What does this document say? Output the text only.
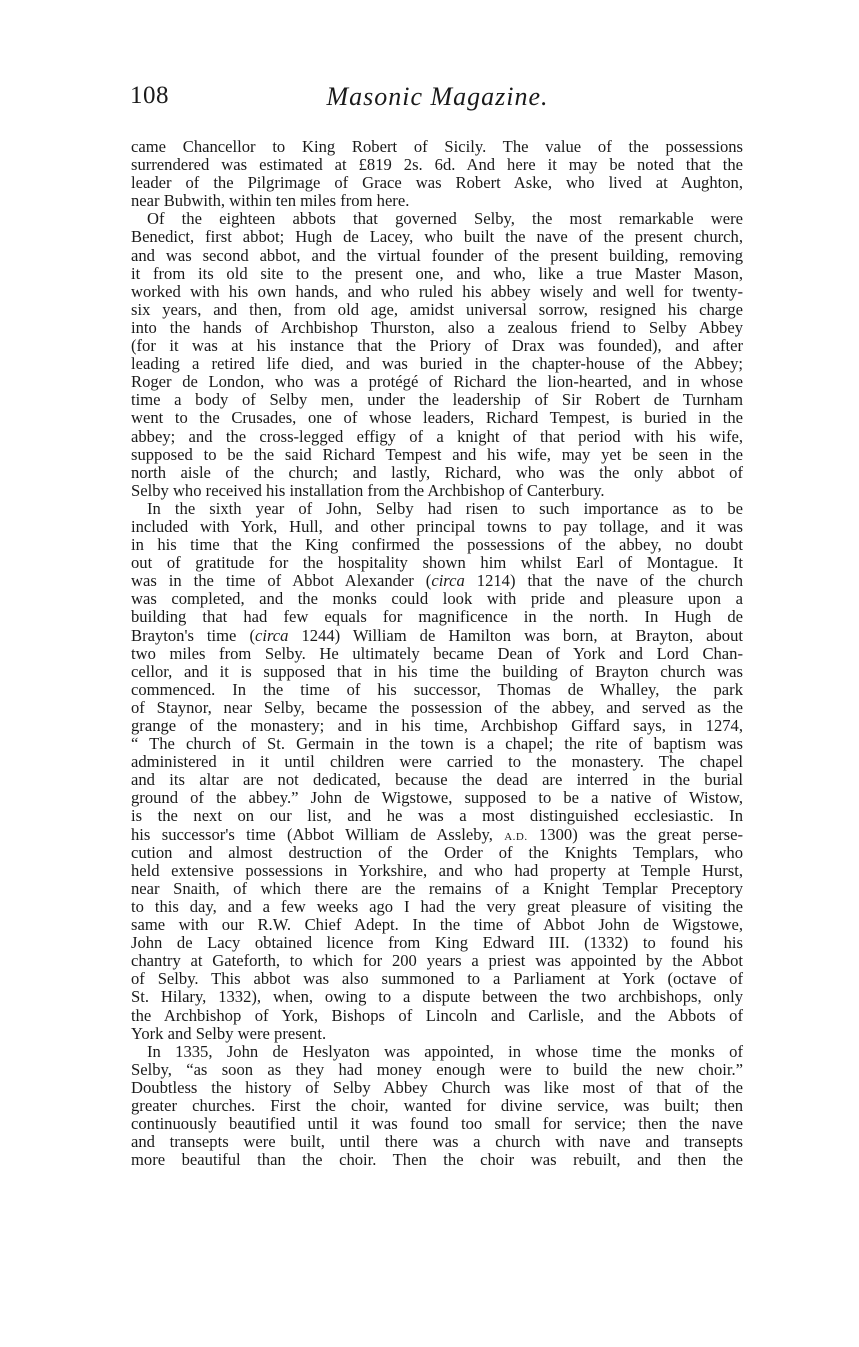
108	Masonic Magazine.
came Chancellor to King Robert of Sicily. The value of the possessions
surrendered was estimated at £819 2s. 6d. And here it may be noted that the
leader of the Pilgrimage of Grace was Robert Aske, who lived at Aughton,
near Bubwith, within ten miles from here.
Of the eighteen abbots that governed Selby, the most remarkable were
Benedict, first abbot; Hugh de Lacey, who built the nave of the present church,
and was second abbot, and the virtual founder of the present building, removing
it from its old site to the present one, and who, like a true Master Mason,
worked with his own hands, and who ruled his abbey wisely and well for twenty-
six years, and then, from old age, amidst universal sorrow, resigned his charge
into the hands of Archbishop Thurston, also a zealous friend to Selby Abbey
(for it was at his instance that the Priory of Drax was founded), and after
leading a retired life died, and was buried in the chapter-house of the Abbey;
Roger de London, who was a protégé of Richard the lion-hearted, and in whose
time a body of Selby men, under the leadership of Sir Robert de Turnham
went to the Crusades, one of whose leaders, Richard Tempest, is buried in the
abbey; and the cross-legged effigy of a knight of that period with his wife,
supposed to be the said Richard Tempest and his wife, may yet be seen in the
north aisle of the church; and lastly, Richard, who was the only abbot of
Selby who received his installation from the Archbishop of Canterbury.
In the sixth year of John, Selby had risen to such importance as to be
included with York, Hull, and other principal towns to pay tollage, and it was
in his time that the King confirmed the possessions of the abbey, no doubt
out of gratitude for the hospitality shown him whilst Earl of Montague. It
was in the time of Abbot Alexander (circa 1214) that the nave of the church
was completed, and the monks could look with pride and pleasure upon a
building that had few equals for magnificence in the north. In Hugh de
Brayton's time (circa 1244) William de Hamilton was born, at Brayton, about
two miles from Selby. He ultimately became Dean of York and Lord Chan-
cellor, and it is supposed that in his time the building of Brayton church was
commenced. In the time of his successor, Thomas de Whalley, the park
of Staynor, near Selby, became the possession of the abbey, and served as the
grange of the monastery; and in his time, Archbishop Giffard says, in 1274,
“ The church of St. Germain in the town is a chapel; the rite of baptism was
administered in it until children were carried to the monastery. The chapel
and its altar are not dedicated, because the dead are interred in the burial
ground of the abbey.” John de Wigstowe, supposed to be a native of Wistow,
is the next on our list, and he was a most distinguished ecclesiastic. In
his successor's time (Abbot William de Assleby, A.D. 1300) was the great perse-
cution and almost destruction of the Order of the Knights Templars, who
held extensive possessions in Yorkshire, and who had property at Temple Hurst,
near Snaith, of which there are the remains of a Knight Templar Preceptory
to this day, and a few weeks ago I had the very great pleasure of visiting the
same with our R.W. Chief Adept. In the time of Abbot John de Wigstowe,
John de Lacy obtained licence from King Edward III. (1332) to found his
chantry at Gateforth, to which for 200 years a priest was appointed by the Abbot
of Selby. This abbot was also summoned to a Parliament at York (octave of
St. Hilary, 1332), when, owing to a dispute between the two archbishops, only
the Archbishop of York, Bishops of Lincoln and Carlisle, and the Abbots of
York and Selby were present.
In 1335, John de Heslyaton was appointed, in whose time the monks of
Selby, “as soon as they had money enough were to build the new choir.”
Doubtless the history of Selby Abbey Church was like most of that of the
greater churches. First the choir, wanted for divine service, was built; then
continuously beautified until it was found too small for service; then the nave
and transepts were built, until there was a church with nave and transepts
more beautiful than the choir. Then the choir was rebuilt, and then the
